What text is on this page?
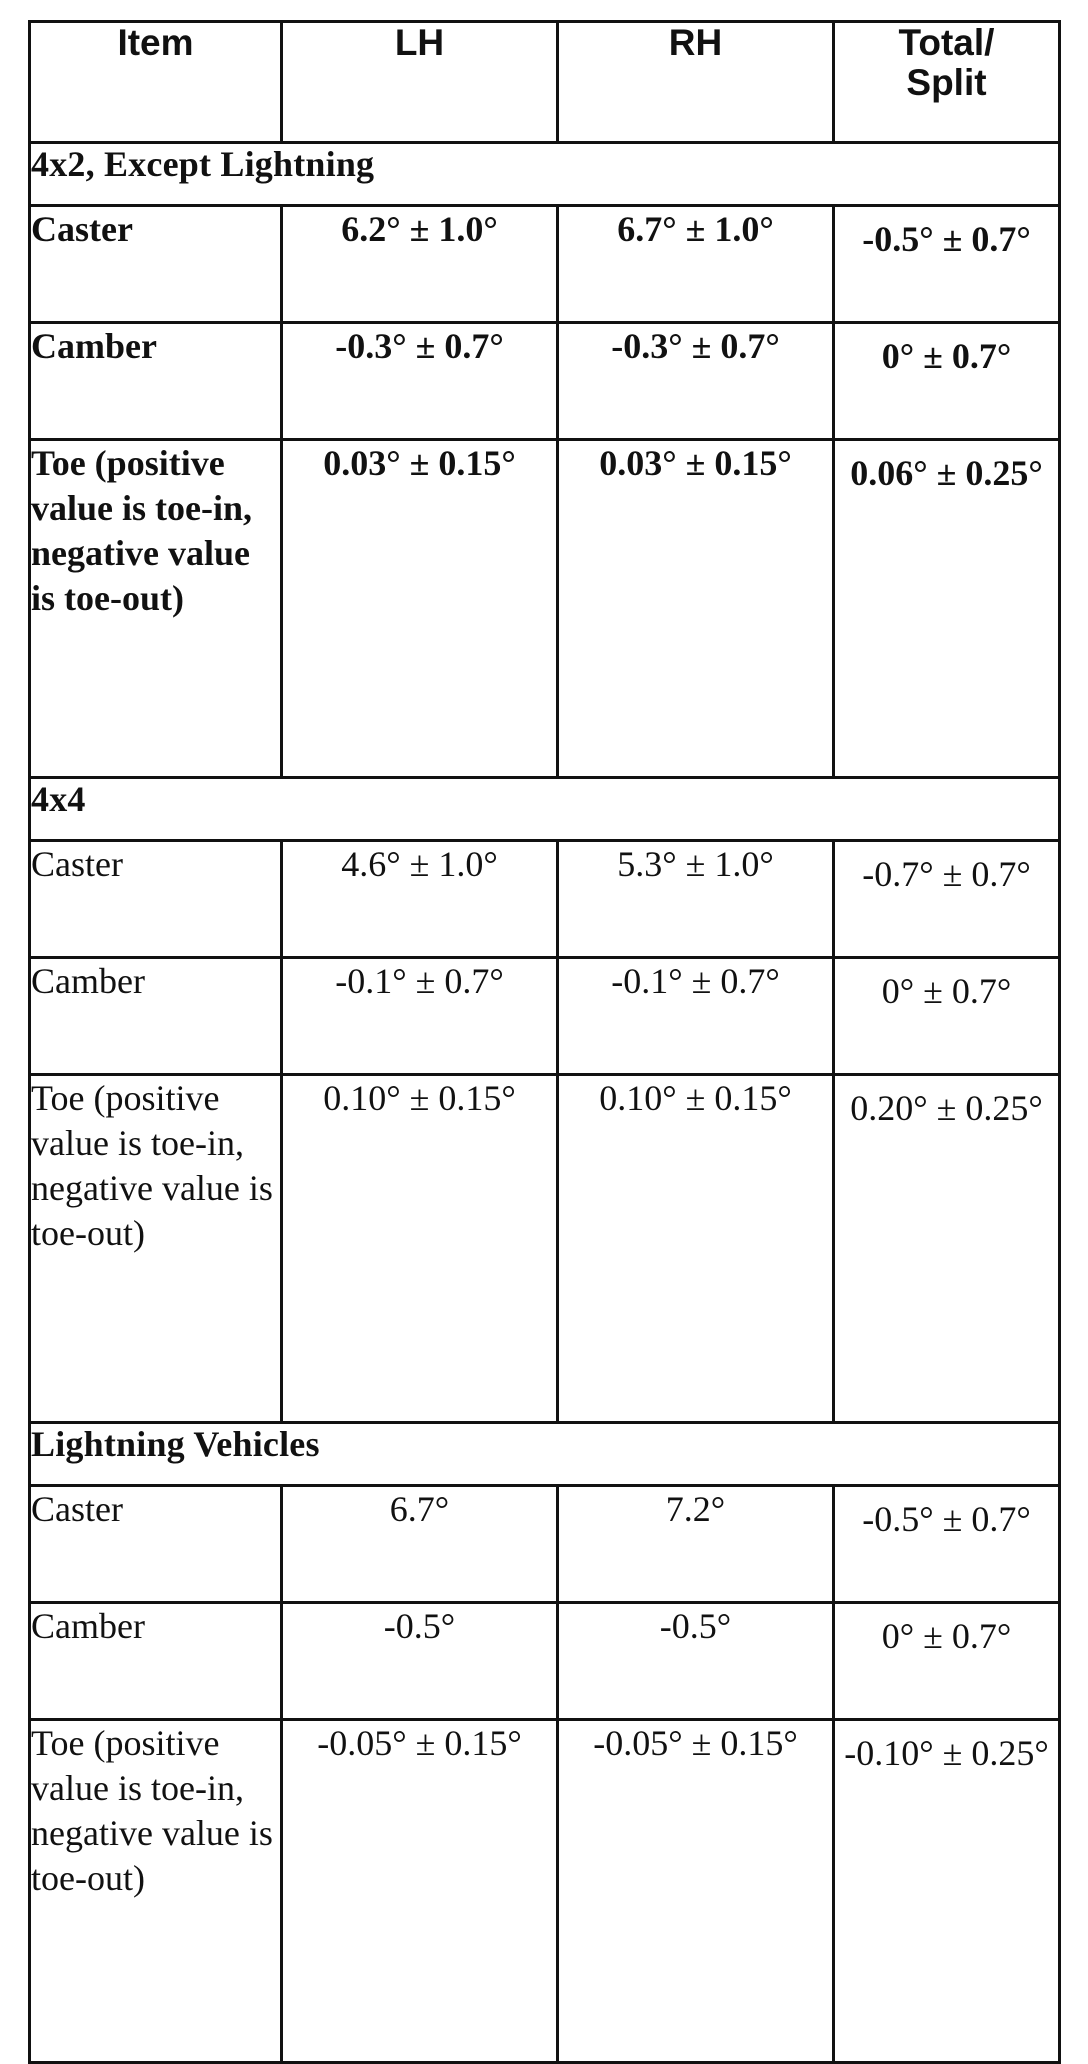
Item	LH	RH	Total/
Split
4x2, Except Lightning			
Caster	6.2° ± 1.0°	6.7° ± 1.0°	-0.5° ± 0.7°
Camber	-0.3° ± 0.7°	-0.3° ± 0.7°	0° ± 0.7°
Toe (positive value is toe-in, negative value is toe-out)	0.03° ± 0.15°	0.03° ± 0.15°	0.06° ± 0.25°
4x4			
Caster	4.6° ± 1.0°	5.3° ± 1.0°	-0.7° ± 0.7°
Camber	-0.1° ± 0.7°	-0.1° ± 0.7°	0° ± 0.7°
Toe (positive value is toe-in, negative value is toe-out)	0.10° ± 0.15°	0.10° ± 0.15°	0.20° ± 0.25°
Lightning Vehicles			
Caster	6.7°	7.2°	-0.5° ± 0.7°
Camber	-0.5°	-0.5°	0° ± 0.7°
Toe (positive value is toe-in, negative value is toe-out)	-0.05° ± 0.15°	-0.05° ± 0.15°	-0.10° ± 0.25°
